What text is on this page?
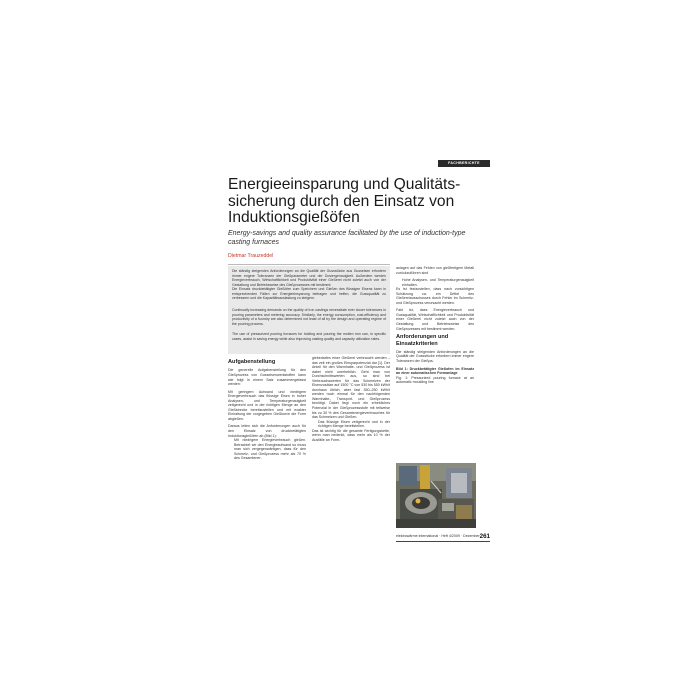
FACHBERICHTE
Energieeinsparung und Qualitätssicherung durch den Einsatz von Induktionsgießöfen

Energy-savings and quality assurance facilitated by the use of induction-type casting furnaces

Dietmar Trauzeddel

Die ständig steigenden Anforderungen an die Qualität der Gussstücke aus Gusseisen erfordern immer engere Toleranzen der Gießparameter und der Dosiergenauigkeit. Außerdem werden Energieverbrauch, Wirtschaftlichkeit und Produktivität einer Gießerei nicht zuletzt auch von der Gestaltung und Betriebsweise des Gießprozesses mit bestimmt.

Die Einsatz druckbetätigter Gießöfen zum Speichern und Gießen des flüssigen Eisens kann in entsprechenden Fällen zur Energieeinsparung beitragen und helfen, die Gussqualität zu verbessern und die Kapazitätsauslastung zu steigern.

Continually increasing demands on the quality of iron castings necessitate ever closer tolerances in pouring parameters and metering accuracy. Similarly, the energy consumption, cost-efficiency and productivity of a foundry are also determined not least of all by the design and operating regime of the pouring process.

The use of pressurized pouring furnaces for holding and pouring the molten iron can, in specific cases, assist in saving energy while also improving casting quality and capacity utilization rates.

Aufgabenstellung

Die generelle Aufgabenstellung für den Gießprozess von Gusseisenwerkstoffen kann wie folgt in einem Satz zusammengefasst werden:

Mit geringem Aufwand und niedrigem Energieverbrauch das flüssige Eisen in hoher Analysen- und Temperaturgenauigkeit zeitgerecht und in der richtigen Menge an den Gießstrecke bereitzustellen und mit exakter Einhaltung der vorgegeben Gießkurve die Form abgießen.

Daraus leiten sich die Anforderungen auch für den Einsatz von druckbetätigten Induktionsgießöfen ab (Bild 1):

• Mit niedrigem Energieverbrauch gießen. Betrachtet wir den Energieaufwand so muss man sich vergegenwärtigen, dass für den Schmelz- und Gießprozess mehr als 70 % des Gesamtener-

giebedarfes einer Gießerei verbraucht werden – das zeit ein großes Einsparpotenzial dar [1]. Der Anteil für den Warmhalte- und Gießprozess ist dabei nicht unerheblich. Geht man von Durchschnittswerten aus, so sind bei Verbrauchswerten für das Schmelzen der Eisenzusätze auf 1500 °C von 530 bis 550 kWh/t durchaus üblich, aber fast 350–250 kWh/t werden noch einmal für den nachfolgenden Warmhalte-, Transport- und Gießprozess benötigt. Dabei liegt noch ein erhebliches Potenzial in der Gießprozessstufe mit teilweise bis zu 30 % des Gesamtenergieverbrauches für das Schmelzen und Gießen.

• Das flüssige Eisen zeitgerecht und in der richtigen Menge bereitstellen.

Das ist wichtig für die gesamte Fertigungskette, wenn man bedenkt, dass mehr als 10 % der Ausfälle an Form-

anlagen auf das Fehlen von gießfertigem Metall zurückzuführen sind

• Hohe Analysen- und Temperaturgenauigkeit einhalten.

Es ist festzustellen, dass nach vorsichtigen Schätzung ca. ein Drittel des Gießereiausschusses durch Fehler im Schmelz- und Gießprozess verursacht werden.

Fakt ist, dass Energieverbrauch und Gussqualität, Wirtschaftlichkeit und Produktivität einer Gießerei nicht zuletzt auch von der Gestaltung und Betriebsweise des Gießprozesses mit bestimmt werden.

Anforderungen und Einsatzkriterien

Die ständig steigenden Anforderungen an die Qualität der Gussstücke erfordern immer engere Toleranzen der Gießpa-

Bild 1: Druckbetätigter Gießofen im Einsatz an einer automatischen Formanlage

Fig. 1: Pressurized pouring furnace at an automatic moulding line

elektrowärme international · Heft 4/2009 · Dezember 261
